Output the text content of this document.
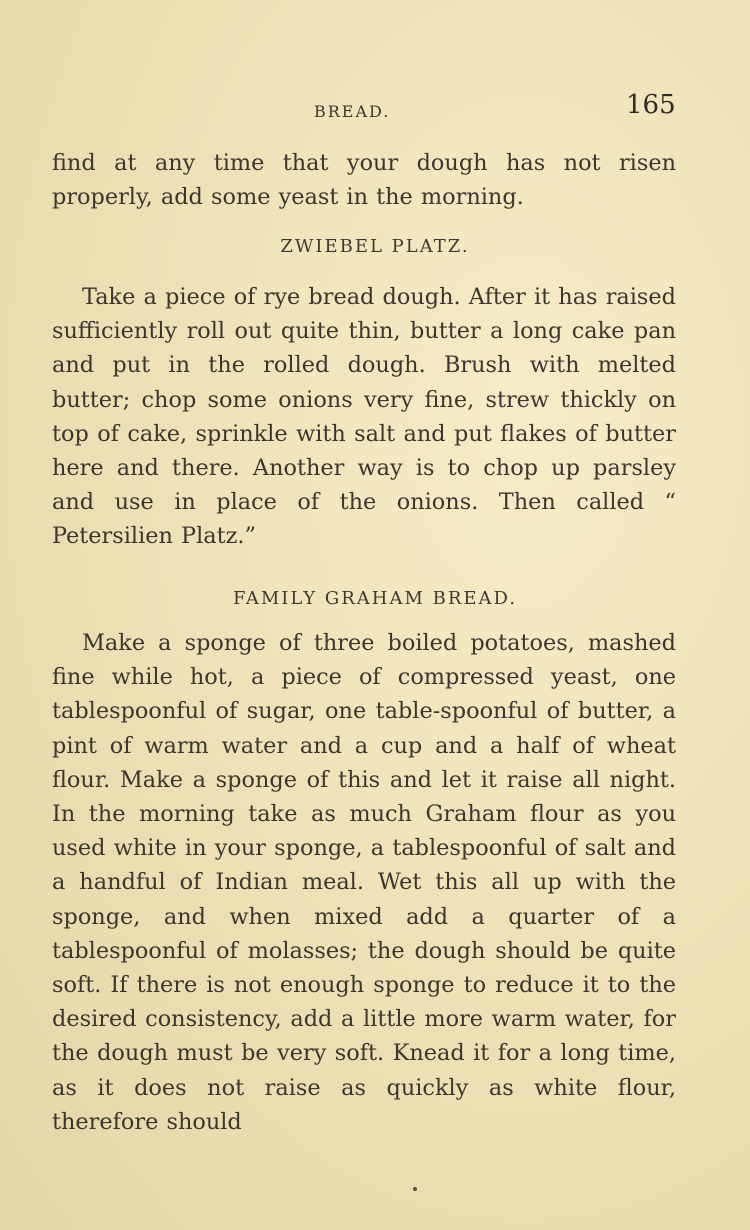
BREAD.	165
find at any time that your dough has not risen properly, add some yeast in the morning.
ZWIEBEL PLATZ.
Take a piece of rye bread dough. After it has raised sufficiently roll out quite thin, butter a long cake pan and put in the rolled dough. Brush with melted butter; chop some onions very fine, strew thickly on top of cake, sprinkle with salt and put flakes of butter here and there. Another way is to chop up parsley and use in place of the onions. Then called “ Petersilien Platz.”
FAMILY GRAHAM BREAD.
Make a sponge of three boiled potatoes, mashed fine while hot, a piece of compressed yeast, one tablespoonful of sugar, one table-spoonful of butter, a pint of warm water and a cup and a half of wheat flour. Make a sponge of this and let it raise all night. In the morning take as much Graham flour as you used white in your sponge, a tablespoonful of salt and a handful of Indian meal. Wet this all up with the sponge, and when mixed add a quarter of a tablespoonful of molasses; the dough should be quite soft. If there is not enough sponge to reduce it to the desired consistency, add a little more warm water, for the dough must be very soft. Knead it for a long time, as it does not raise as quickly as white flour, therefore should
